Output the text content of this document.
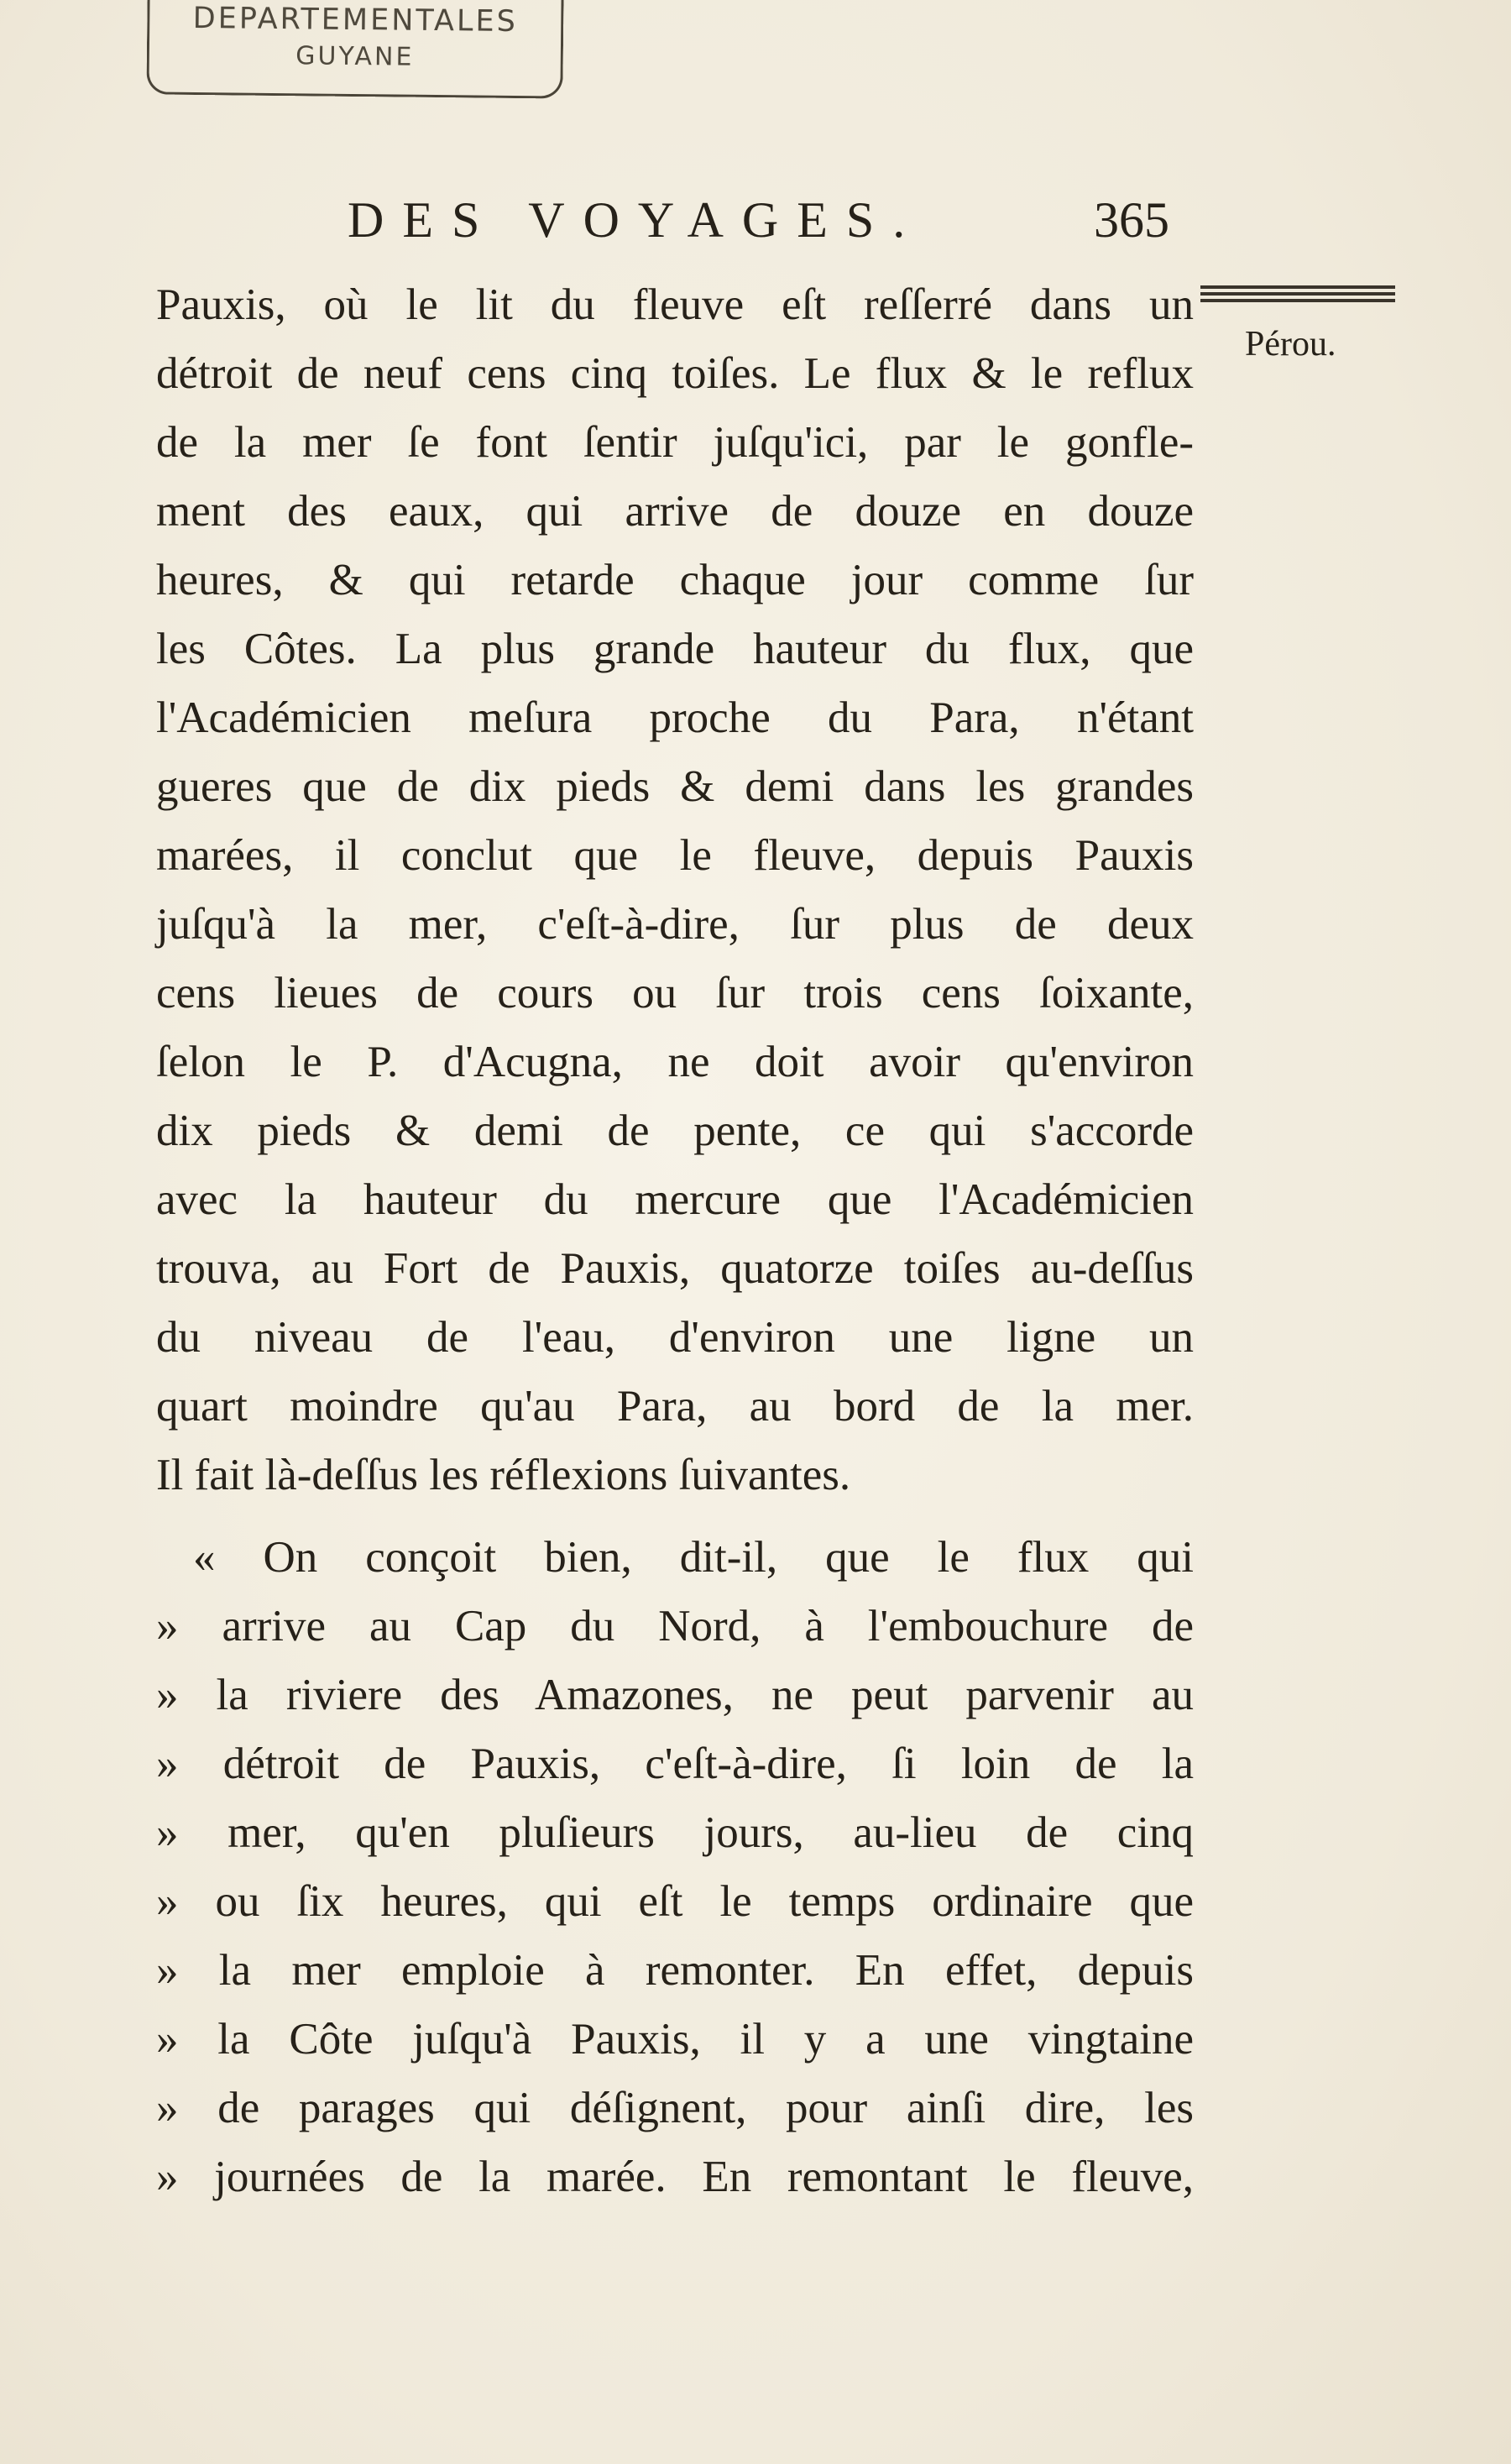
DEPARTEMENTALES
GUYANE
DES VOYAGES.	365
Pérou.
Pauxis, où le lit du fleuve eſt reſſerré dans un
détroit de neuf cens cinq toiſes. Le flux & le reflux
de la mer ſe font ſentir juſqu'ici, par le gonfle-
ment des eaux, qui arrive de douze en douze
heures, & qui retarde chaque jour comme ſur
les Côtes. La plus grande hauteur du flux, que
l'Académicien meſura proche du Para, n'étant
gueres que de dix pieds & demi dans les grandes
marées, il conclut que le fleuve, depuis Pauxis
juſqu'à la mer, c'eſt-à-dire, ſur plus de deux
cens lieues de cours ou ſur trois cens ſoixante,
ſelon le P. d'Acugna, ne doit avoir qu'environ
dix pieds & demi de pente, ce qui s'accorde
avec la hauteur du mercure que l'Académicien
trouva, au Fort de Pauxis, quatorze toiſes au-deſſus
du niveau de l'eau, d'environ une ligne un
quart moindre qu'au Para, au bord de la mer.
Il fait là-deſſus les réflexions ſuivantes.
« On conçoit bien, dit-il, que le flux qui
» arrive au Cap du Nord, à l'embouchure de
» la riviere des Amazones, ne peut parvenir au
» détroit de Pauxis, c'eſt-à-dire, ſi loin de la
» mer, qu'en pluſieurs jours, au-lieu de cinq
» ou ſix heures, qui eſt le temps ordinaire que
» la mer emploie à remonter. En effet, depuis
» la Côte juſqu'à Pauxis, il y a une vingtaine
» de parages qui déſignent, pour ainſi dire, les
» journées de la marée. En remontant le fleuve,
